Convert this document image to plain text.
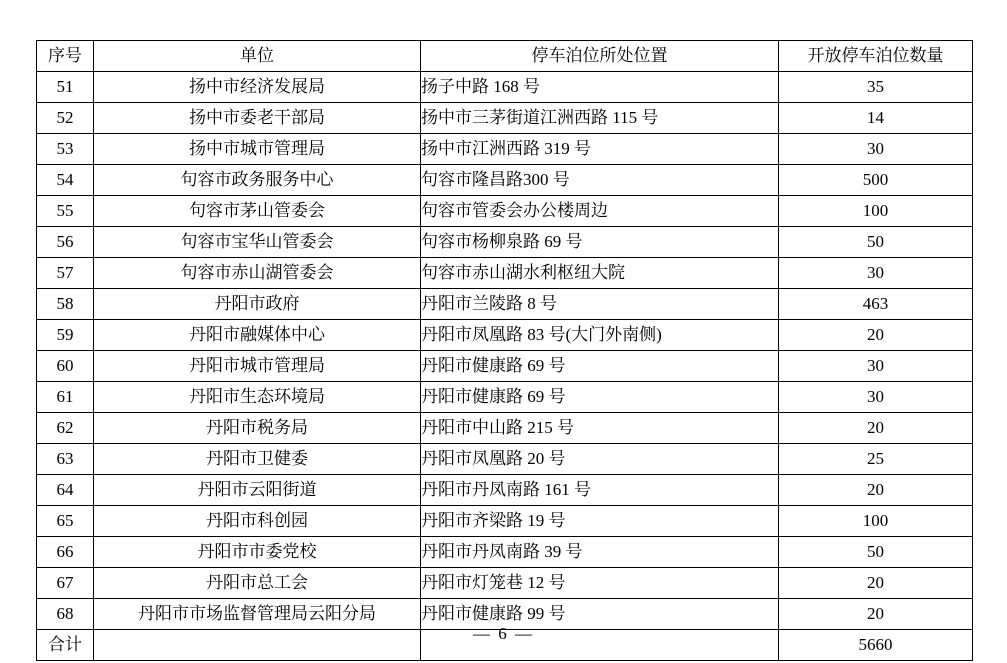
序号	单位	停车泊位所处位置	开放停车泊位数量
51	扬中市经济发展局	扬子中路 168 号	35
52	扬中市委老干部局	扬中市三茅街道江洲西路 115 号	14
53	扬中市城市管理局	扬中市江洲西路 319 号	30
54	句容市政务服务中心	句容市隆昌路300 号	500
55	句容市茅山管委会	句容市管委会办公楼周边	100
56	句容市宝华山管委会	句容市杨柳泉路 69 号	50
57	句容市赤山湖管委会	句容市赤山湖水利枢纽大院	30
58	丹阳市政府	丹阳市兰陵路 8 号	463
59	丹阳市融媒体中心	丹阳市凤凰路 83 号(大门外南侧)	20
60	丹阳市城市管理局	丹阳市健康路 69 号	30
61	丹阳市生态环境局	丹阳市健康路 69 号	30
62	丹阳市税务局	丹阳市中山路 215 号	20
63	丹阳市卫健委	丹阳市凤凰路 20 号	25
64	丹阳市云阳街道	丹阳市丹凤南路 161 号	20
65	丹阳市科创园	丹阳市齐梁路 19 号	100
66	丹阳市市委党校	丹阳市丹凤南路 39 号	50
67	丹阳市总工会	丹阳市灯笼巷 12 号	20
68	丹阳市市场监督管理局云阳分局	丹阳市健康路 99 号	20
合计			5660
— 6 —
